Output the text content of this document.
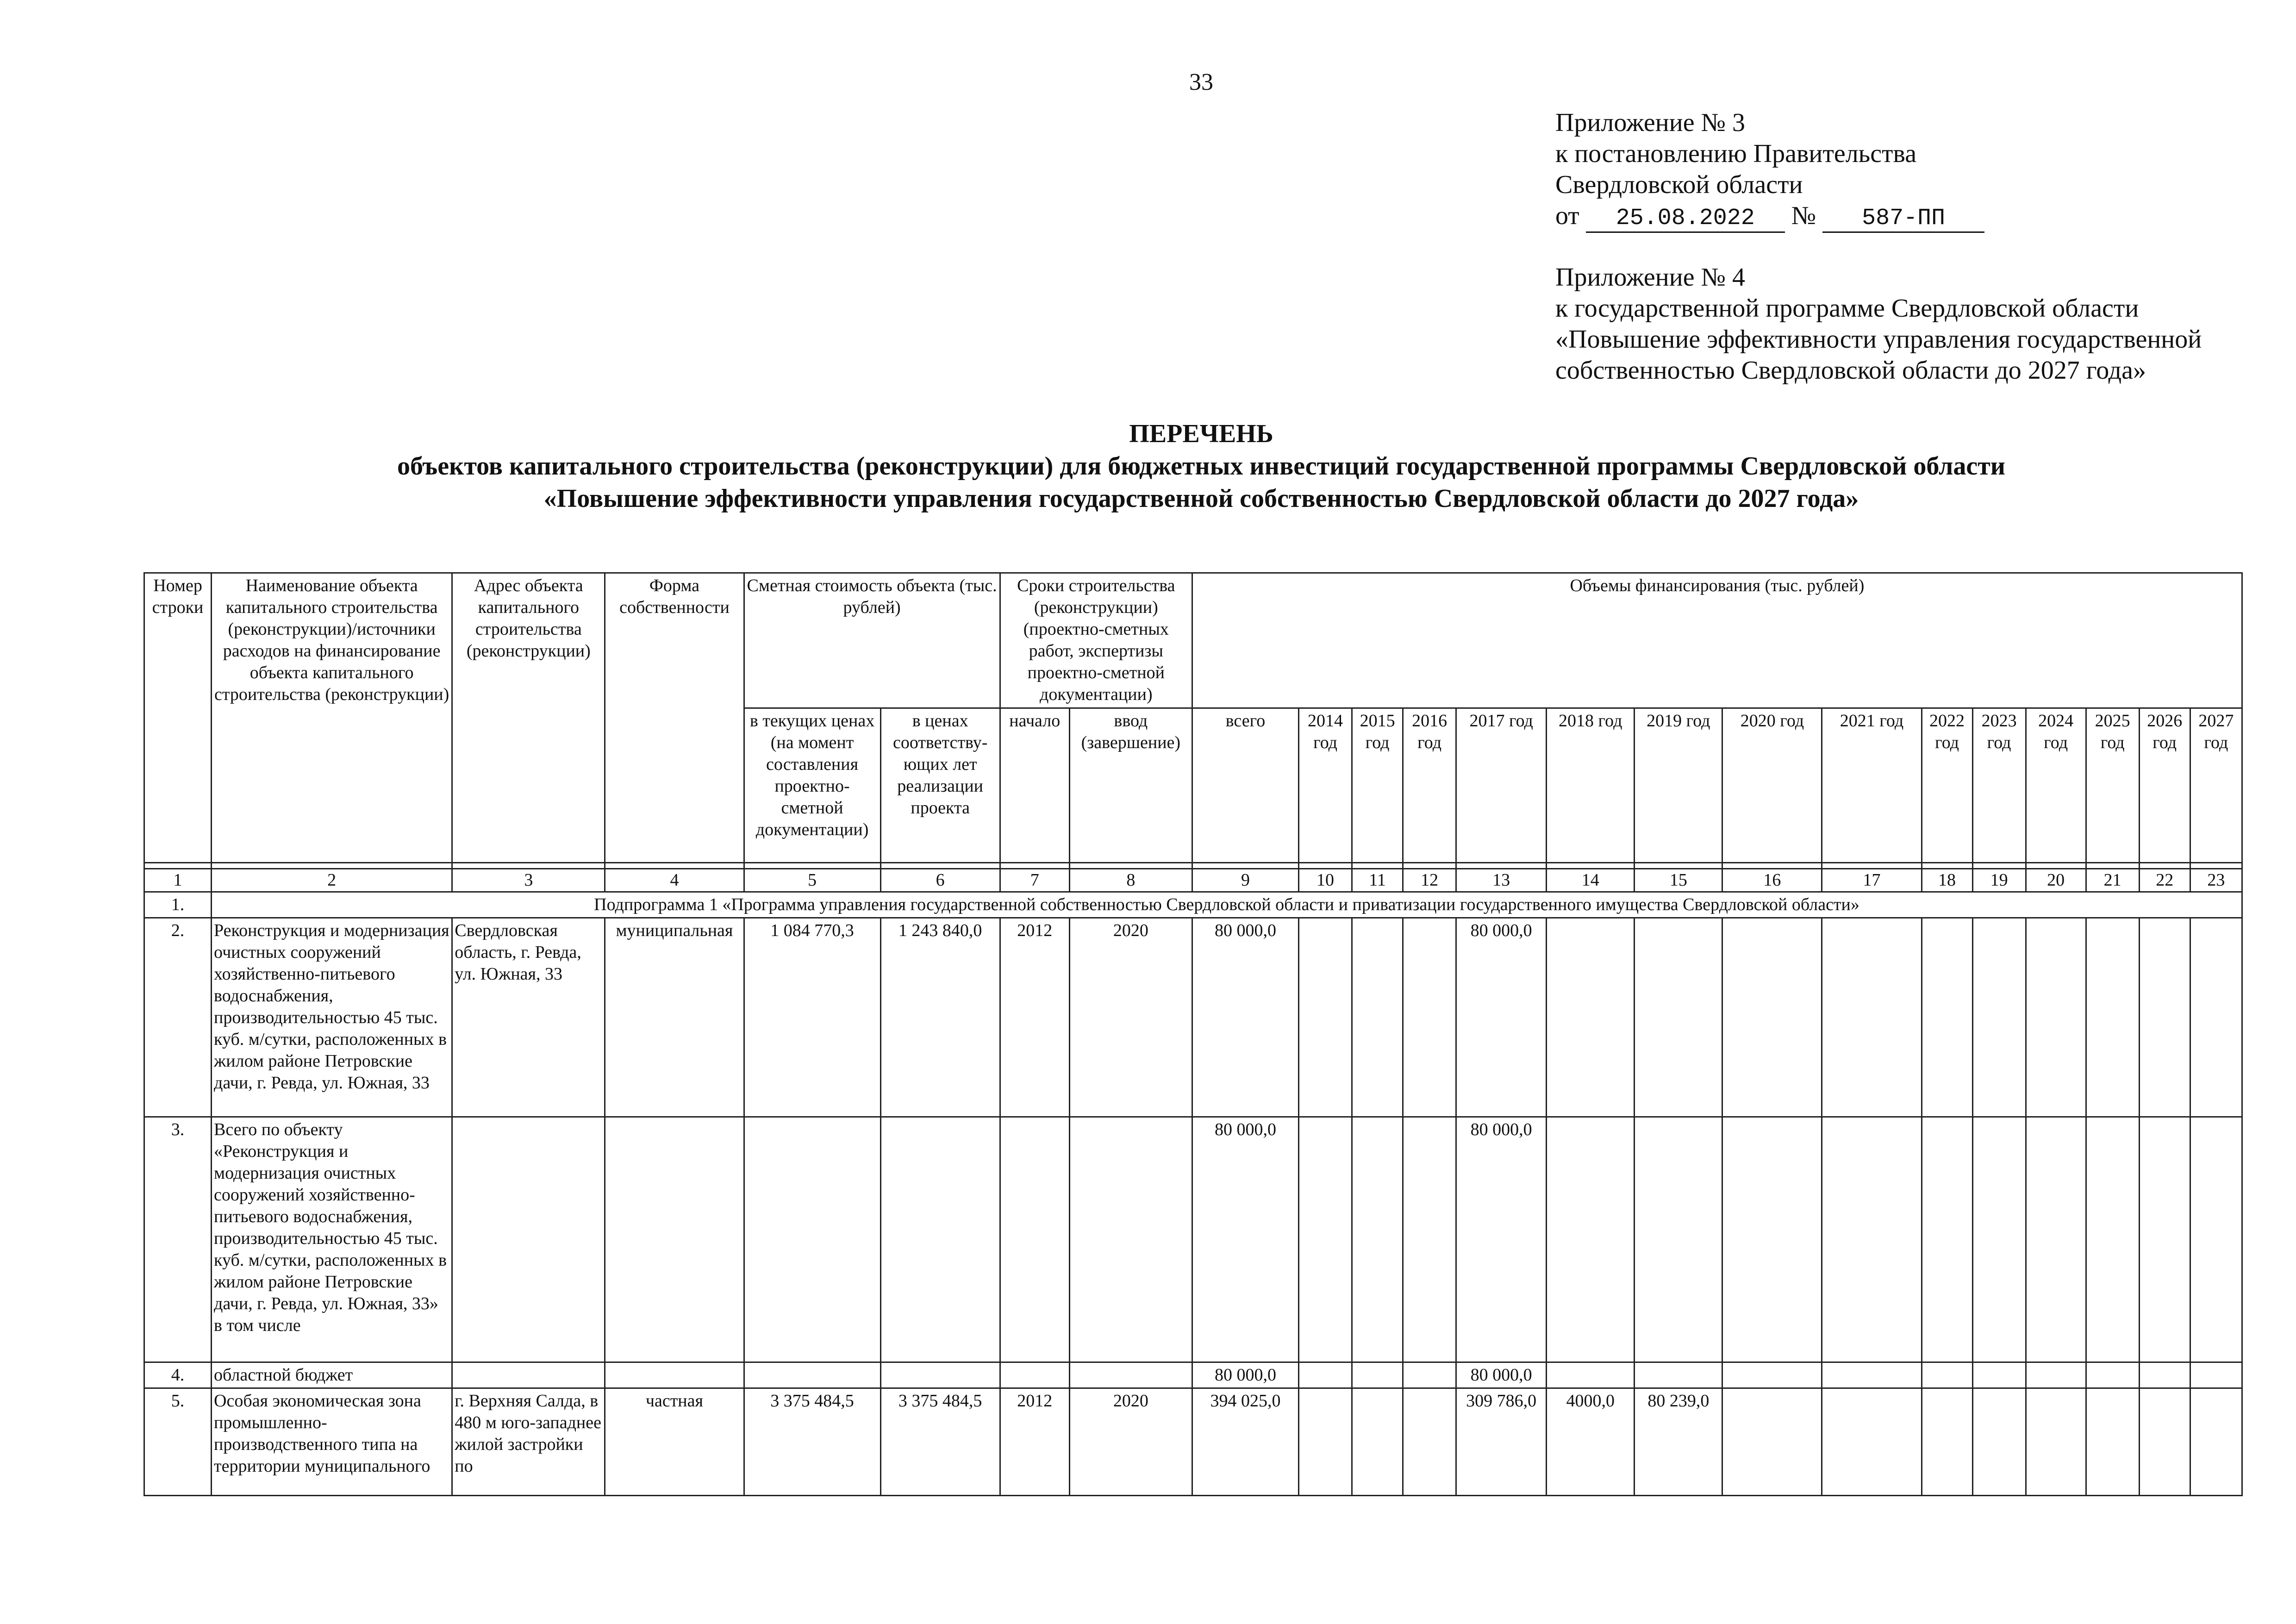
33

Приложение № 3

к постановлению Правительства

Свердловской области

от 25.08.2022 № 587-ПП

Приложение № 4

к государственной программе Свердловской области

«Повышение эффективности управления государственной

собственностью Свердловской области до 2027 года»

ПЕРЕЧЕНЬ
объектов капитального строительства (реконструкции) для бюджетных инвестиций государственной программы Свердловской области
«Повышение эффективности управления государственной собственностью Свердловской области до 2027 года»
Номер строки	Наименование объекта капитального строительства (реконструкции)/источники расходов на финансирование объекта капитального строительства (реконструкции)	Адрес объекта капитального строительства (реконструкции)	Форма собственности	Сметная стоимость объекта (тыс. рублей)		Сроки строительства (реконструкции) (проектно-сметных работ, экспертизы проектно-сметной документации)		Объемы финансирования (тыс. рублей)														
				в текущих ценах (на момент составления проектно-сметной документации)	в ценах соответству-ющих лет реализации проекта	начало	ввод (завершение)	всего	2014 год	2015 год	2016 год	2017 год	2018 год	2019 год	2020 год	2021 год	2022 год	2023 год	2024 год	2025 год	2026 год	2027 год

1	2	3	4	5	6	7	8	9	10	11	12	13	14	15	16	17	18	19	20	21	22	23
1.	Подпрограмма 1 «Программа управления государственной собственностью Свердловской области и приватизации государственного имущества Свердловской области»																					
2.	Реконструкция и модернизация очистных сооружений хозяйственно-питьевого водоснабжения, производительностью 45 тыс. куб. м/сутки, расположенных в жилом районе Петровские дачи, г. Ревда, ул. Южная, 33	Свердловская область, г. Ревда, ул. Южная, 33	муниципальная	1 084 770,3	1 243 840,0	2012	2020	80 000,0				80 000,0										
3.	Всего по объекту «Реконструкция и модернизация очистных сооружений хозяйственно-питьевого водоснабжения, производительностью 45 тыс. куб. м/сутки, расположенных в жилом районе Петровские дачи, г. Ревда, ул. Южная, 33» в том числе							80 000,0				80 000,0										
4.	областной бюджет							80 000,0				80 000,0										
5.	Особая экономическая зона промышленно-производственного типа на территории муниципального	г. Верхняя Салда, в 480 м юго-западнее жилой застройки по	частная	3 375 484,5	3 375 484,5	2012	2020	394 025,0				309 786,0	4000,0	80 239,0								
